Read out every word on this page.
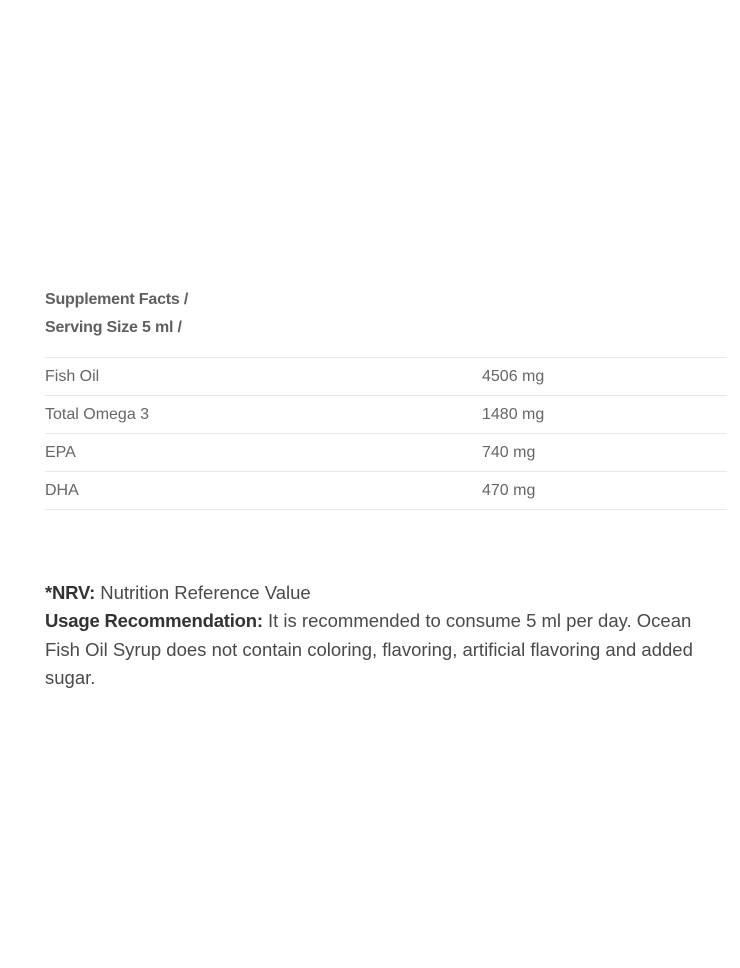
Supplement Facts /
Serving Size 5 ml /
Fish Oil	4506 mg
Total Omega 3	1480 mg
EPA	740 mg
DHA	470 mg

*NRV: Nutrition Reference Value

Usage Recommendation: It is recommended to consume 5 ml per day. Ocean Fish Oil Syrup does not contain coloring, flavoring, artificial flavoring and added sugar.
